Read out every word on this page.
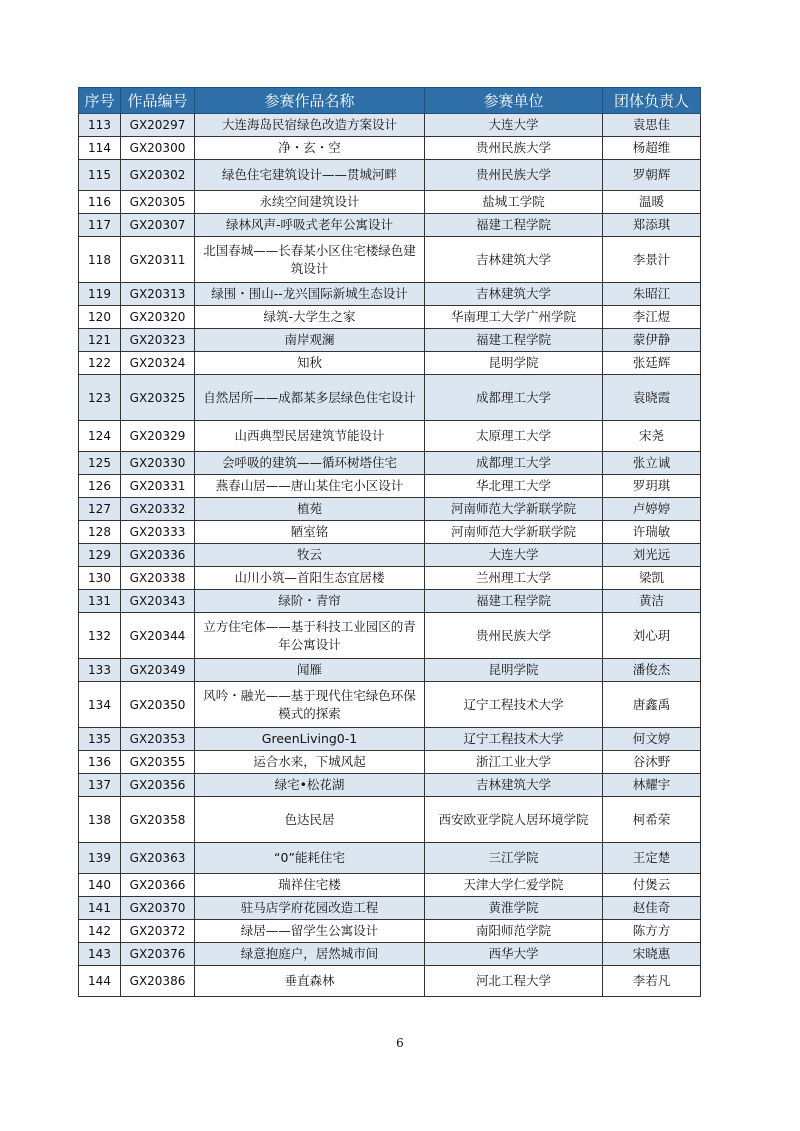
序号	作品编号	参赛作品名称	参赛单位	团体负责人
113	GX20297	大连海岛民宿绿色改造方案设计	大连大学	袁思佳
114	GX20300	净・玄・空	贵州民族大学	杨超维
115	GX20302	绿色住宅建筑设计——贯城河畔	贵州民族大学	罗朝辉
116	GX20305	永续空间建筑设计	盐城工学院	温暖
117	GX20307	绿林风声-呼吸式老年公寓设计	福建工程学院	郑添琪
118	GX20311	北国春城——长春某小区住宅楼绿色建筑设计	吉林建筑大学	李景汁
119	GX20313	绿围・围山--龙兴国际新城生态设计	吉林建筑大学	朱昭江
120	GX20320	绿筑-大学生之家	华南理工大学广州学院	李江煜
121	GX20323	南岸观澜	福建工程学院	蒙伊静
122	GX20324	知秋	昆明学院	张廷辉
123	GX20325	自然居所——成都某多层绿色住宅设计	成都理工大学	袁晓霞
124	GX20329	山西典型民居建筑节能设计	太原理工大学	宋尧
125	GX20330	会呼吸的建筑——循环树塔住宅	成都理工大学	张立诚
126	GX20331	燕春山居——唐山某住宅小区设计	华北理工大学	罗玥琪
127	GX20332	植苑	河南师范大学新联学院	卢婷婷
128	GX20333	陋室铭	河南师范大学新联学院	许瑞敏
129	GX20336	牧云	大连大学	刘光远
130	GX20338	山川小筑—首阳生态宜居楼	兰州理工大学	梁凯
131	GX20343	绿阶・青帘	福建工程学院	黄洁
132	GX20344	立方住宅体——基于科技工业园区的青年公寓设计	贵州民族大学	刘心玥
133	GX20349	闻雁	昆明学院	潘俊杰
134	GX20350	风吟・融光——基于现代住宅绿色环保模式的探索	辽宁工程技术大学	唐鑫禹
135	GX20353	GreenLiving0-1	辽宁工程技术大学	何文婷
136	GX20355	运合水来，下城风起	浙江工业大学	谷沐野
137	GX20356	绿宅•松花湖	吉林建筑大学	林耀宇
138	GX20358	色达民居	西安欧亚学院人居环境学院	柯希荣
139	GX20363	“0”能耗住宅	三江学院	王定楚
140	GX20366	瑞祥住宅楼	天津大学仁爱学院	付煲云
141	GX20370	驻马店学府花园改造工程	黄淮学院	赵佳奇
142	GX20372	绿居——留学生公寓设计	南阳师范学院	陈方方
143	GX20376	绿意抱庭户，居然城市间	西华大学	宋晓惠
144	GX20386	垂直森林	河北工程大学	李若凡
6
